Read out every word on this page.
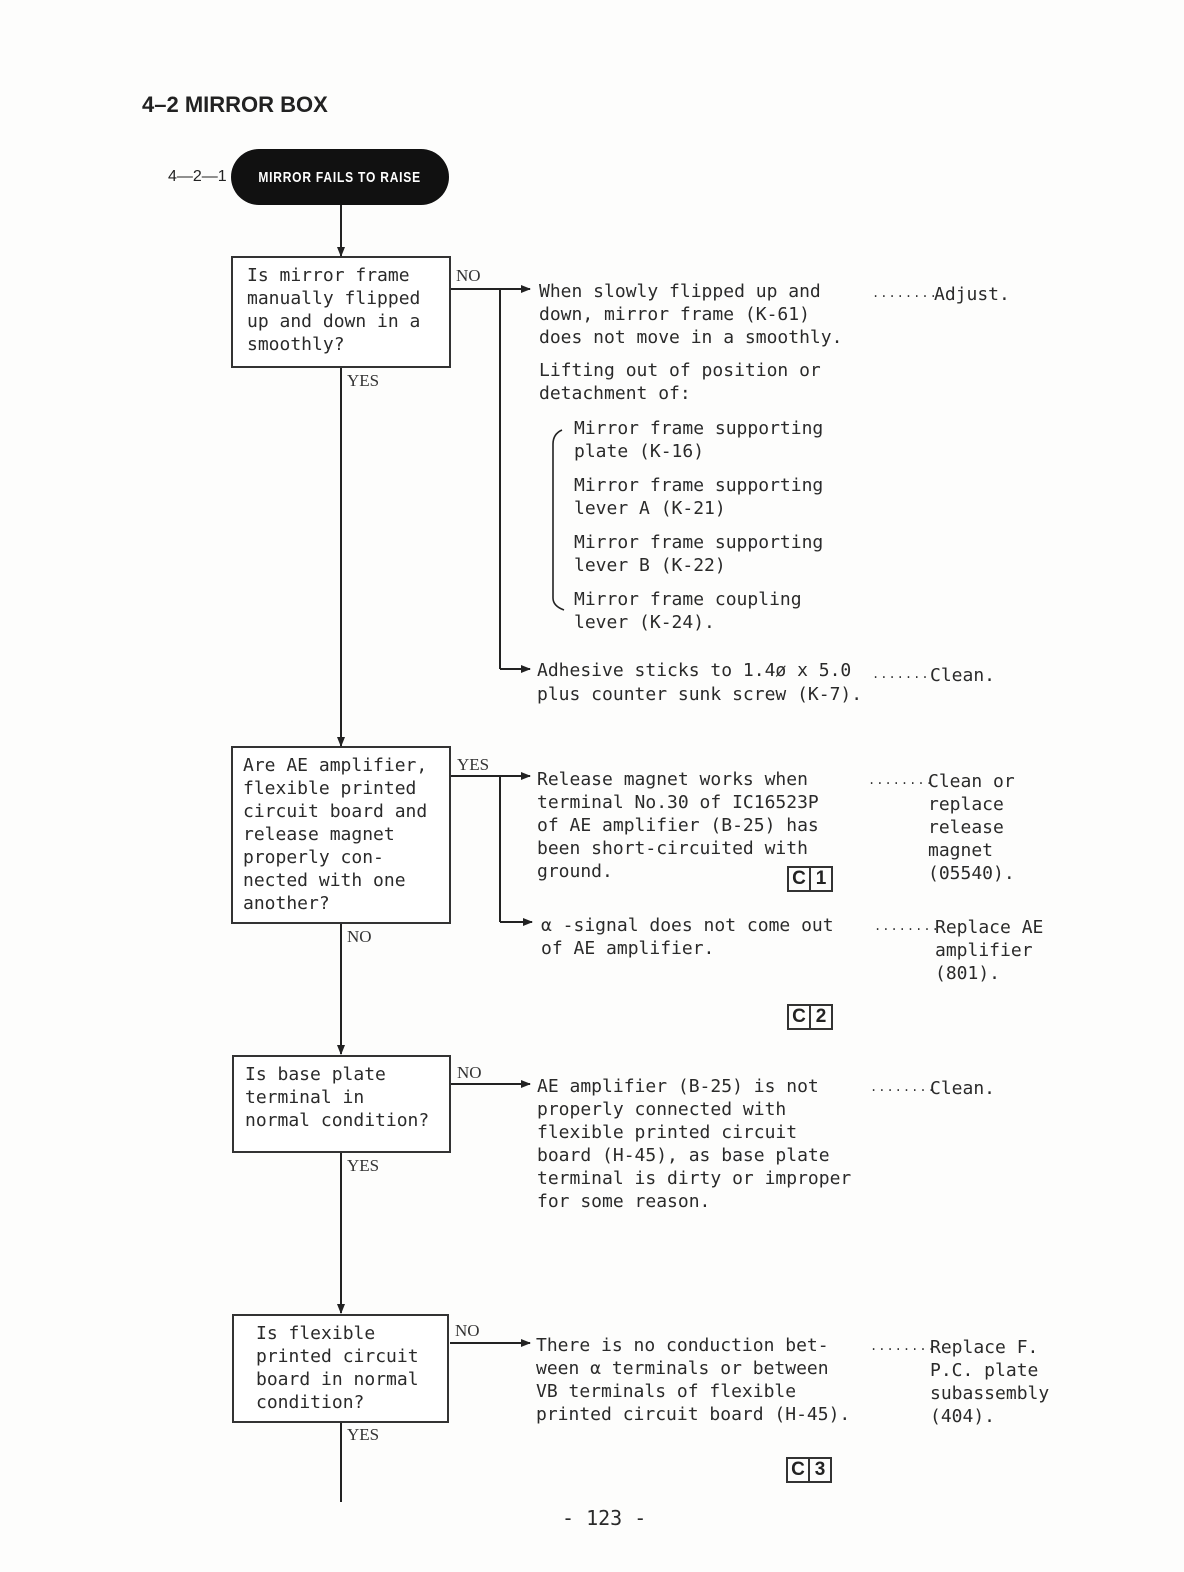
4–2 MIRROR BOX
4—2—1 MIRROR FAILS TO RAISE
Is mirror frame
manually flipped
up and down in a
smoothly?
NO
YES
When slowly flipped up and
down, mirror frame (K-61)
does not move in a smoothly.
........
Adjust.
Lifting out of position or
detachment of:
Mirror frame supporting
plate (K-16)
Mirror frame supporting
lever A (K-21)
Mirror frame supporting
lever B (K-22)
Mirror frame coupling
lever (K-24).
Adhesive sticks to 1.4ø x 5.0 ....... Clean.
plus counter sunk screw (K-7).
Are AE amplifier,
flexible printed
circuit board and
release magnet
properly con-
nected with one
another?
YES
NO
Release magnet works when
terminal No.30 of IC16523P
of AE amplifier (B-25) has
been short-circuited with
ground.
........
Clean or
replace
release
magnet
(05540).
C 1
α -signal does not come out
of AE amplifier.
........
Replace AE
amplifier
(801).
C 2
Is base plate
terminal in
normal condition?
NO
YES
AE amplifier (B-25) is not
properly connected with
flexible printed circuit
board (H-45), as base plate
terminal is dirty or improper
for some reason.
........
Clean.
Is flexible
printed circuit
board in normal
condition?
NO
YES
There is no conduction bet-
ween α terminals or between
VB terminals of flexible
printed circuit board (H-45).
........
Replace F.
P.C. plate
subassembly
(404).
C 3
- 123 -
